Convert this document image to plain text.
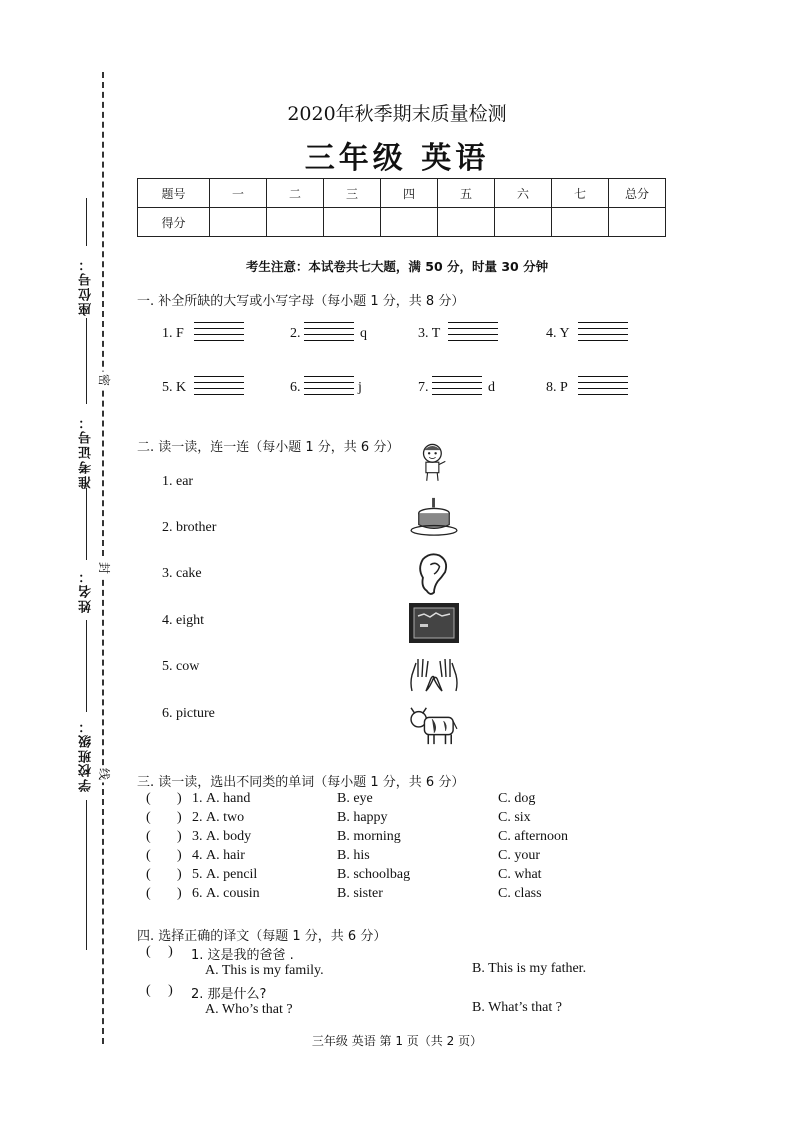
座位号：
准考证号：
姓名：
班级：
学校
密
封
线
2020年秋季期末质量检测
三年级 英语
题号	一	二	三	四	五	六	七	总分
得分								
考生注意：本试卷共七大题，满 50 分，时量 30 分钟
一. 补全所缺的大写或小写字母（每小题 1 分，共 8 分）
1. F	2.	q	3. T	4. Y
5. K	6.	j	7.	d	8. P
二. 读一读，连一连（每小题 1 分，共 6 分）
1. ear
2. brother
3. cake
4. eight
5. cow
6. picture
三. 读一读，选出不同类的单词（每小题 1 分，共 6 分）
( ) 1. A. hand	B. eye	C. dog
( ) 2. A. two	B. happy	C. six
( ) 3. A. body	B. morning	C. afternoon
( ) 4. A. hair	B. his	C. your
( ) 5. A. pencil	B. schoolbag	C. what
( ) 6. A. cousin	B. sister	C. class
四. 选择正确的译文（每题 1 分，共 6 分）
(     ) 1. 这是我的爸爸 .
A. This is my family.	B. This is my father.
(     ) 2. 那是什么?
A. Who’s that ?	B. What’s that ?
三年级 英语 第 1 页（共 2 页）
